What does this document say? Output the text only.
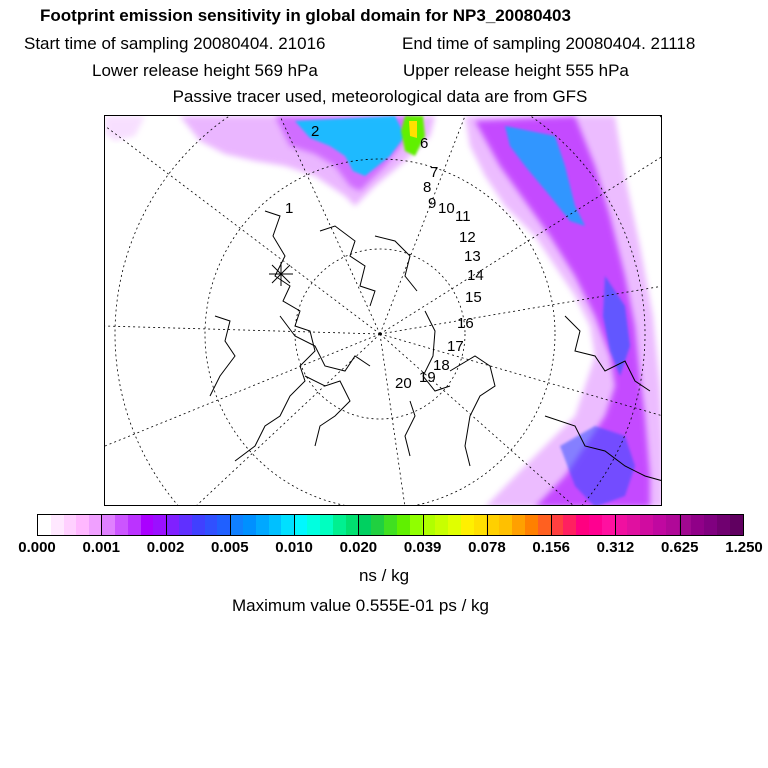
Footprint emission sensitivity in global domain for NP3_20080403
Start time of sampling 20080404. 21016	End time of sampling 20080404. 21118
Lower release height 569 hPa	Upper release height 555 hPa
Passive tracer used, meteorological data are from GFS
1
2
6
7
8
9 10 11
12
13
14
15
16
17
18
19
20
0.000 0.001 0.002 0.005 0.010 0.020 0.039 0.078 0.156 0.312 0.625 1.250
ns / kg
Maximum value 0.555E-01 ps / kg
